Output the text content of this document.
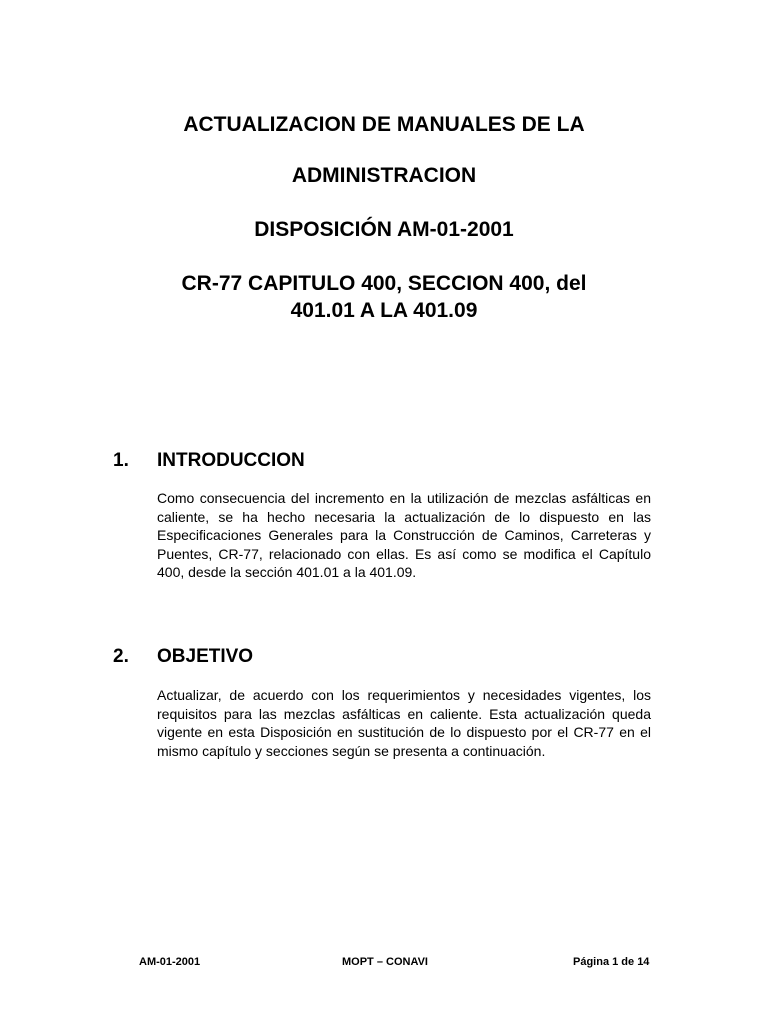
ACTUALIZACION DE MANUALES DE LA
ADMINISTRACION
DISPOSICIÓN AM-01-2001
CR-77 CAPITULO 400, SECCION 400, del
401.01 A LA 401.09
1. INTRODUCCION
Como consecuencia del incremento en la utilización de mezclas asfálticas en
caliente, se ha hecho necesaria la actualización de lo dispuesto en las
Especificaciones Generales para la Construcción de Caminos, Carreteras y
Puentes, CR-77, relacionado con ellas. Es así como se modifica el Capítulo
400, desde la sección 401.01 a la 401.09.
2. OBJETIVO
Actualizar, de acuerdo con los requerimientos y necesidades vigentes, los
requisitos para las mezclas asfálticas en caliente. Esta actualización queda
vigente en esta Disposición en sustitución de lo dispuesto por el CR-77 en el
mismo capítulo y secciones según se presenta a continuación.
AM-01-2001	MOPT – CONAVI	Página 1 de 14
